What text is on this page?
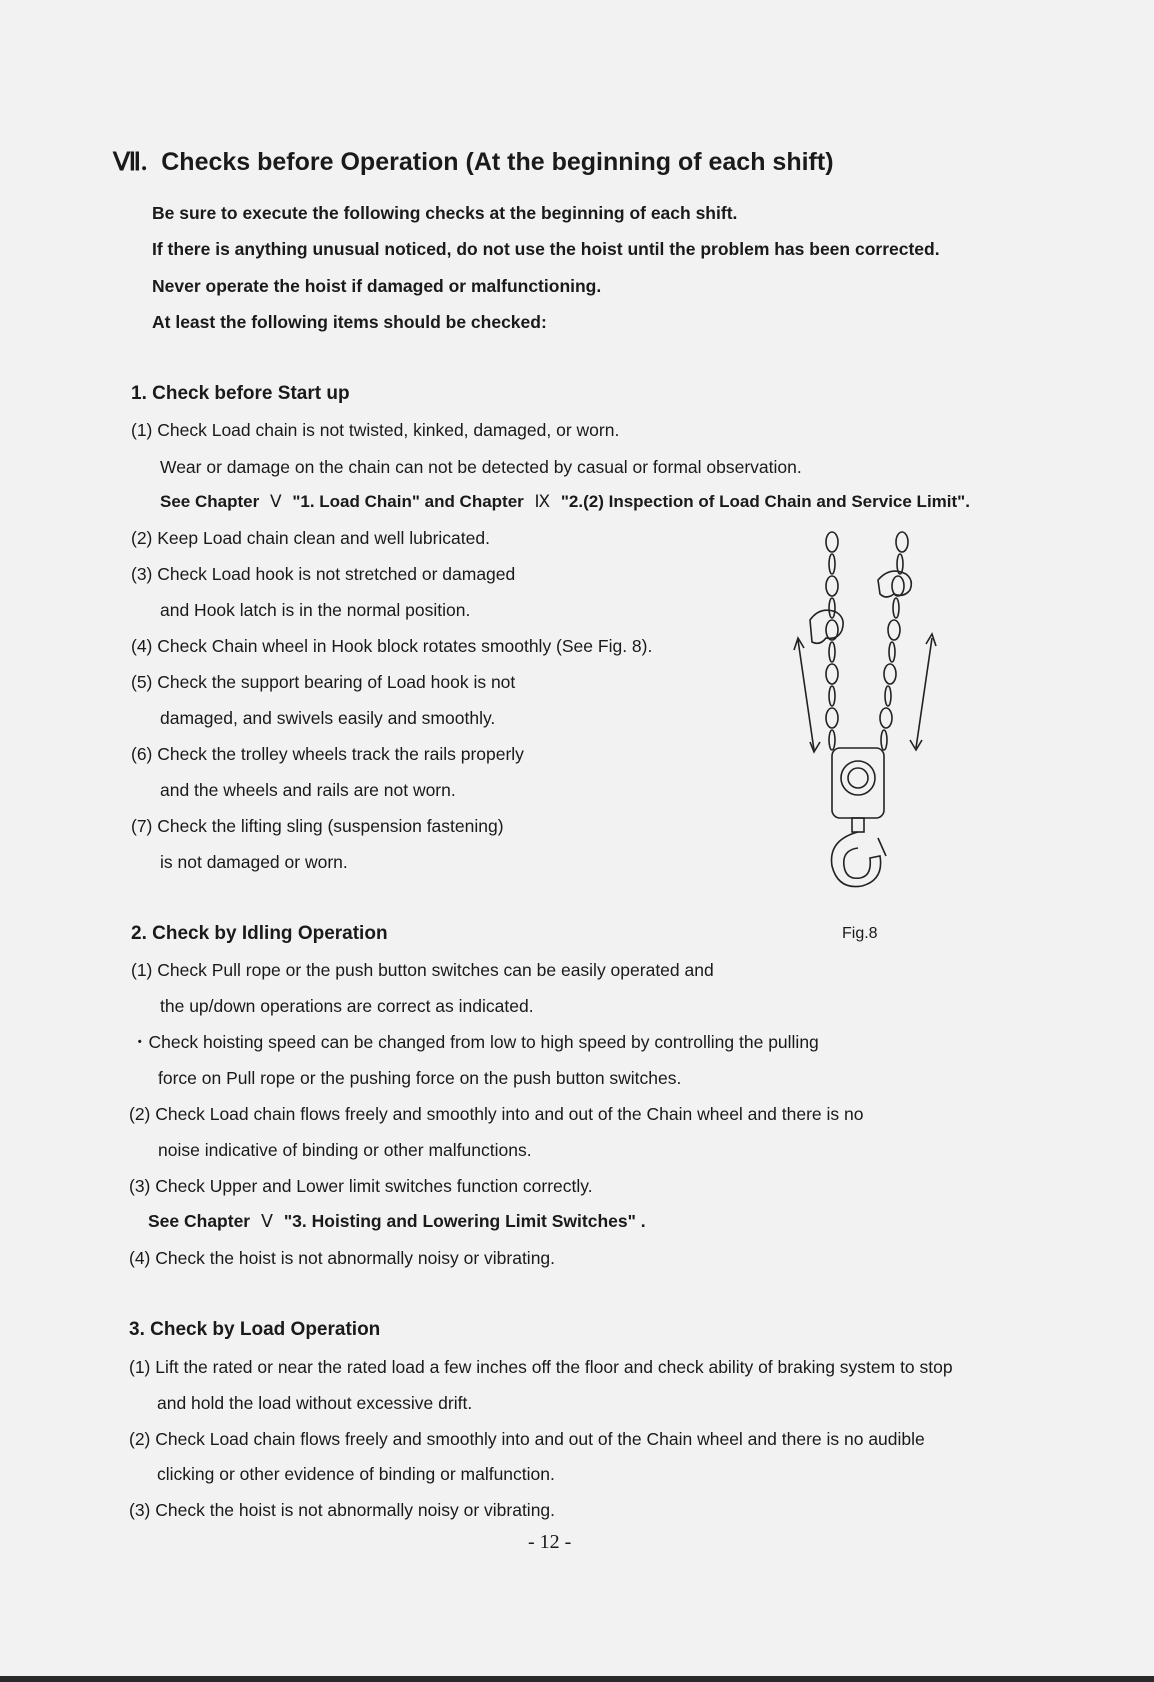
Ⅶ. Checks before Operation (At the beginning of each shift)
Be sure to execute the following checks at the beginning of each shift.
If there is anything unusual noticed, do not use the hoist until the problem has been corrected.
Never operate the hoist if damaged or malfunctioning.
At least the following items should be checked:
1. Check before Start up
(1) Check Load chain is not twisted, kinked, damaged, or worn.
Wear or damage on the chain can not be detected by casual or formal observation.
See Chapter Ⅴ "1. Load Chain" and Chapter Ⅸ "2.(2) Inspection of Load Chain and Service Limit".
(2) Keep Load chain clean and well lubricated.
(3) Check Load hook is not stretched or damaged
and Hook latch is in the normal position.
(4) Check Chain wheel in Hook block rotates smoothly (See Fig. 8).
(5) Check the support bearing of Load hook is not
damaged, and swivels easily and smoothly.
(6) Check the trolley wheels track the rails properly
and the wheels and rails are not worn.
(7) Check the lifting sling (suspension fastening)
is not damaged or worn.
Fig.8
2. Check by Idling Operation
(1) Check Pull rope or the push button switches can be easily operated and
the up/down operations are correct as indicated.
・Check hoisting speed can be changed from low to high speed by controlling the pulling
force on Pull rope or the pushing force on the push button switches.
(2) Check Load chain flows freely and smoothly into and out of the Chain wheel and there is no
noise indicative of binding or other malfunctions.
(3) Check Upper and Lower limit switches function correctly.
See Chapter Ⅴ "3. Hoisting and Lowering Limit Switches" .
(4) Check the hoist is not abnormally noisy or vibrating.
3. Check by Load Operation
(1) Lift the rated or near the rated load a few inches off the floor and check ability of braking system to stop
and hold the load without excessive drift.
(2) Check Load chain flows freely and smoothly into and out of the Chain wheel and there is no audible
clicking or other evidence of binding or malfunction.
(3) Check the hoist is not abnormally noisy or vibrating.
- 12 -
